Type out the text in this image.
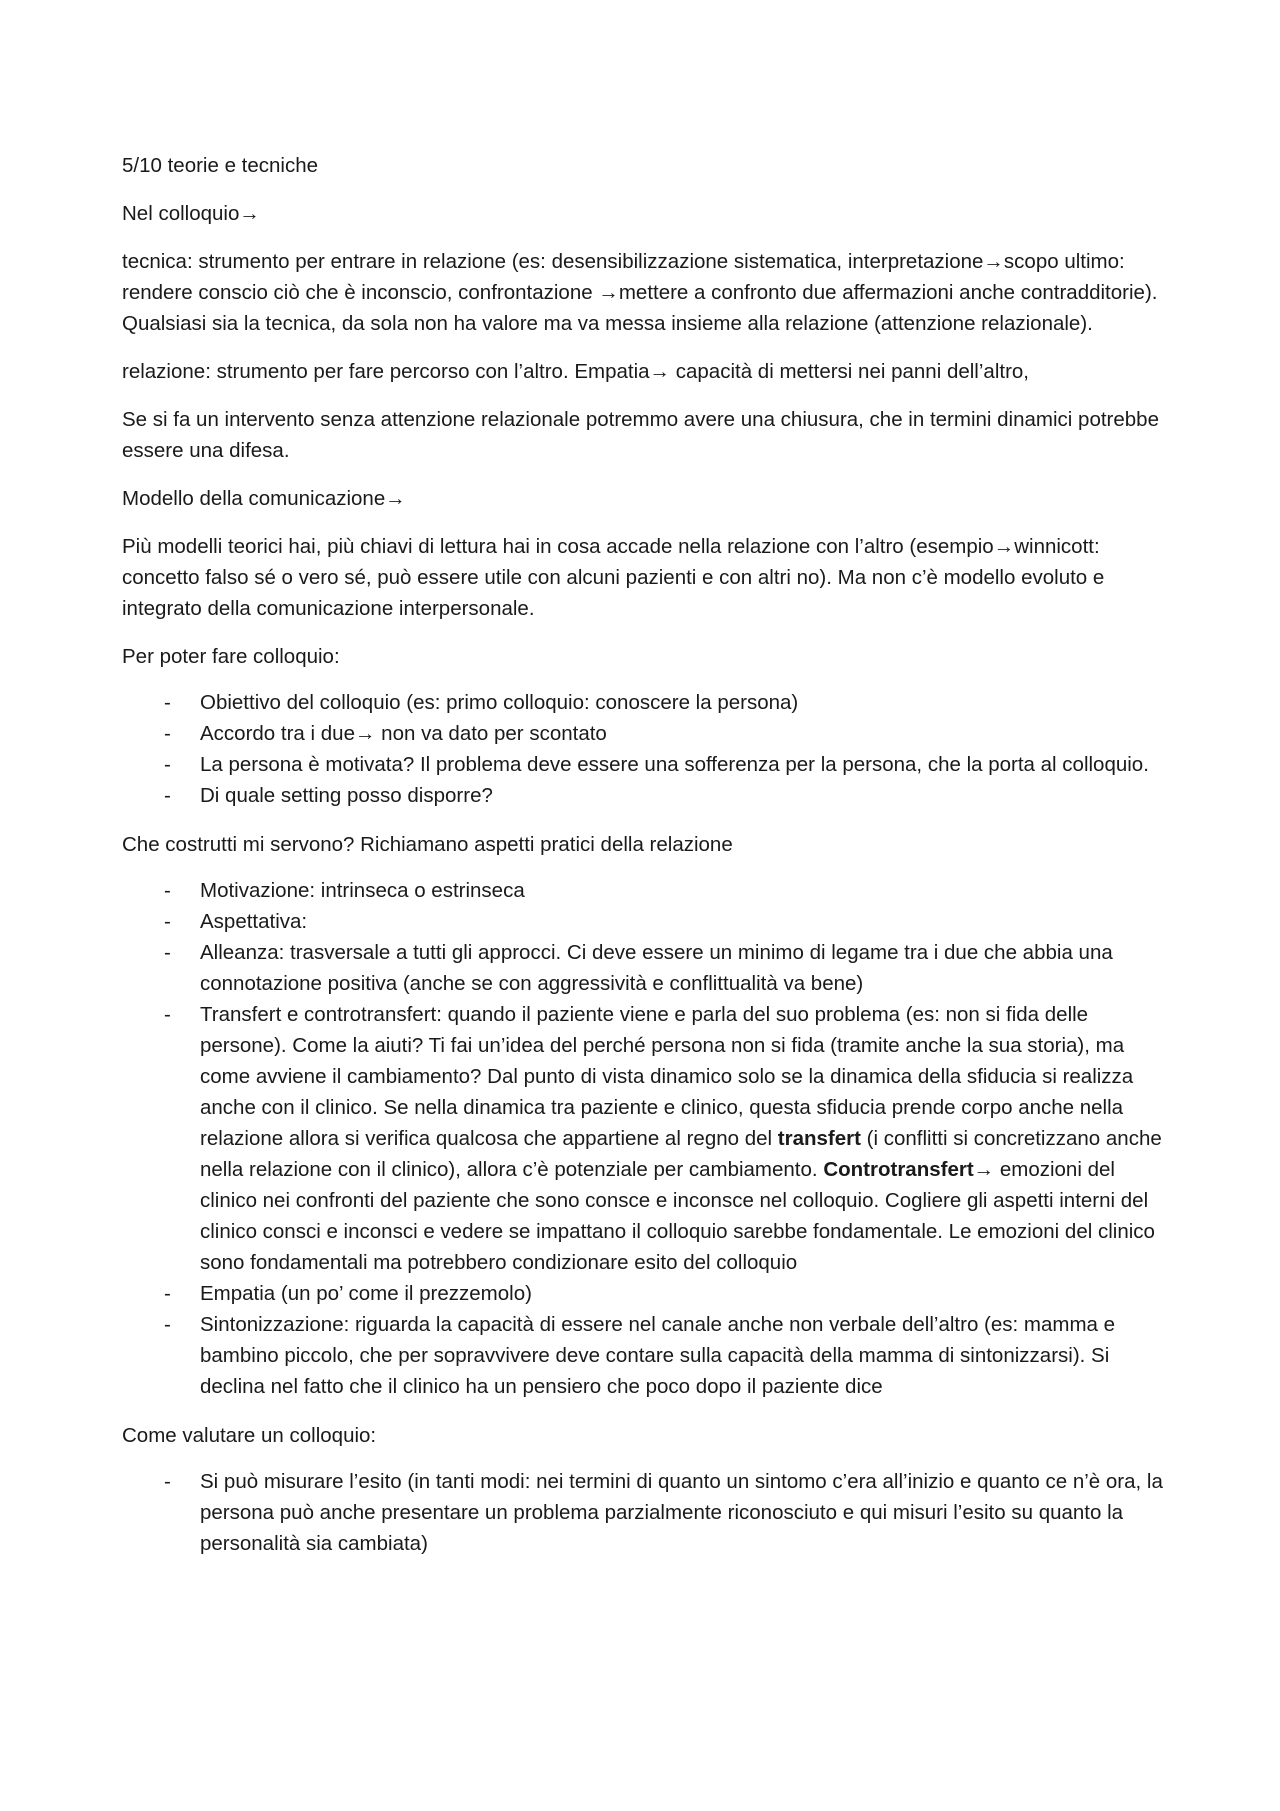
5/10 teorie e tecniche

Nel colloquio→

tecnica: strumento per entrare in relazione (es: desensibilizzazione sistematica, interpretazione→scopo ultimo: rendere conscio ciò che è inconscio, confrontazione →mettere a confronto due affermazioni anche contradditorie). Qualsiasi sia la tecnica, da sola non ha valore ma va messa insieme alla relazione (attenzione relazionale).

relazione: strumento per fare percorso con l’altro. Empatia→ capacità di mettersi nei panni dell’altro,

Se si fa un intervento senza attenzione relazionale potremmo avere una chiusura, che in termini dinamici potrebbe essere una difesa.

Modello della comunicazione→

Più modelli teorici hai, più chiavi di lettura hai in cosa accade nella relazione con l’altro (esempio→winnicott: concetto falso sé o vero sé, può essere utile con alcuni pazienti e con altri no). Ma non c’è modello evoluto e integrato della comunicazione interpersonale.

Per poter fare colloquio:

- Obiettivo del colloquio (es: primo colloquio: conoscere la persona)
- Accordo tra i due→ non va dato per scontato
- La persona è motivata? Il problema deve essere una sofferenza per la persona, che la porta al colloquio.
- Di quale setting posso disporre?

Che costrutti mi servono? Richiamano aspetti pratici della relazione

- Motivazione: intrinseca o estrinseca
- Aspettativa:
- Alleanza: trasversale a tutti gli approcci. Ci deve essere un minimo di legame tra i due che abbia una connotazione positiva (anche se con aggressività e conflittualità va bene)
- Transfert e controtransfert: quando il paziente viene e parla del suo problema (es: non si fida delle persone). Come la aiuti? Ti fai un’idea del perché persona non si fida (tramite anche la sua storia), ma come avviene il cambiamento? Dal punto di vista dinamico solo se la dinamica della sfiducia si realizza anche con il clinico. Se nella dinamica tra paziente e clinico, questa sfiducia prende corpo anche nella relazione allora si verifica qualcosa che appartiene al regno del transfert (i conflitti si concretizzano anche nella relazione con il clinico), allora c’è potenziale per cambiamento. Controtransfert→ emozioni del clinico nei confronti del paziente che sono consce e inconsce nel colloquio. Cogliere gli aspetti interni del clinico consci e inconsci e vedere se impattano il colloquio sarebbe fondamentale. Le emozioni del clinico sono fondamentali ma potrebbero condizionare esito del colloquio
- Empatia (un po’ come il prezzemolo)
- Sintonizzazione: riguarda la capacità di essere nel canale anche non verbale dell’altro (es: mamma e bambino piccolo, che per sopravvivere deve contare sulla capacità della mamma di sintonizzarsi). Si declina nel fatto che il clinico ha un pensiero che poco dopo il paziente dice

Come valutare un colloquio:

- Si può misurare l’esito (in tanti modi: nei termini di quanto un sintomo c’era all’inizio e quanto ce n’è ora, la persona può anche presentare un problema parzialmente riconosciuto e qui misuri l’esito su quanto la personalità sia cambiata)
